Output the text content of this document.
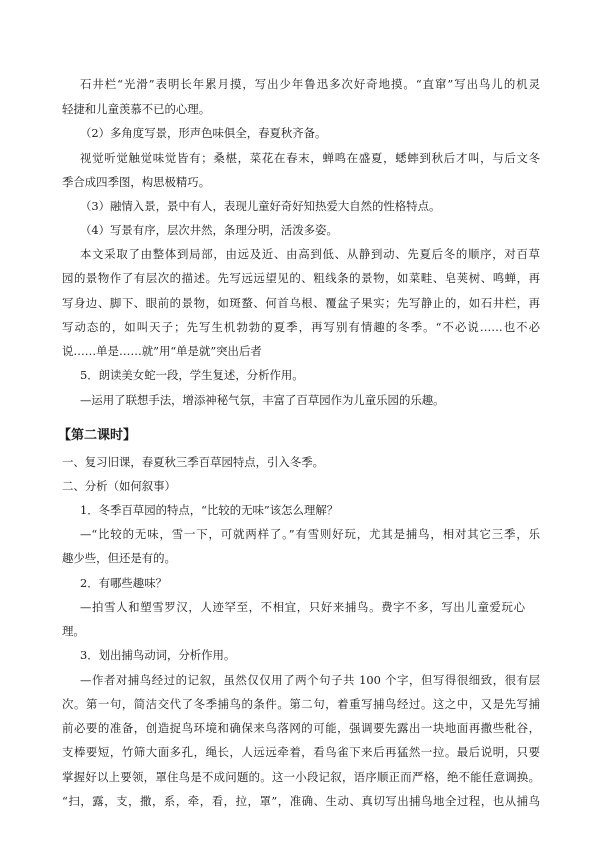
石井栏“光滑”表明长年累月摸，写出少年鲁迅多次好奇地摸。“直窜”写出鸟儿的机灵
轻捷和儿童羡慕不已的心理。
（2）多角度写景，形声色味俱全，春夏秋齐备。
视觉听觉触觉味觉皆有；桑椹，菜花在春末，蝉鸣在盛夏，蟋蟀到秋后才叫，与后文冬
季合成四季图，构思极精巧。
（3）融情入景，景中有人，表现儿童好奇好知热爱大自然的性格特点。
（4）写景有序，层次井然，条理分明，活泼多姿。
本文采取了由整体到局部，由远及近、由高到低、从静到动、先夏后冬的顺序，对百草
园的景物作了有层次的描述。先写远远望见的、粗线条的景物，如菜畦、皂荚树、鸣蝉，再
写身边、脚下、眼前的景物，如斑蝥、何首乌根、覆盆子果实；先写静止的，如石井栏，再
写动态的，如叫天子；先写生机勃勃的夏季，再写别有情趣的冬季。“不必说……也不必
说……单是……就”用“单是就”突出后者
5．朗读美女蛇一段，学生复述，分析作用。
—运用了联想手法，增添神秘气氛，丰富了百草园作为儿童乐园的乐趣。
【第二课时】
一、复习旧课，春夏秋三季百草园特点，引入冬季。
二、分析（如何叙事）
1．冬季百草园的特点，“比较的无味”该怎么理解？
—“比较的无味，雪一下，可就两样了。”有雪则好玩，尤其是捕鸟，相对其它三季，乐
趣少些，但还是有的。
2．有哪些趣味？
—拍雪人和塑雪罗汉，人迹罕至，不相宜，只好来捕鸟。费字不多，写出儿童爱玩心
理。
3．划出捕鸟动词，分析作用。
—作者对捕鸟经过的记叙，虽然仅仅用了两个句子共 100 个字，但写得很细致，很有层
次。第一句，简洁交代了冬季捕鸟的条件。第二句，着重写捕鸟经过。这之中，又是先写捕
前必要的准备，创造捉鸟环境和确保来鸟落网的可能，强调要先露出一块地面再撒些秕谷，
支棒要短，竹筛大面多孔，绳长，人远远牵着，看鸟雀下来后再猛然一拉。最后说明，只要
掌握好以上要领，罩住鸟是不成问题的。这一小段记叙，语序顺正而严格，绝不能任意调换。
“扫，露，支，撒，系，牵，看，拉，罩”，准确、生动、真切写出捕鸟地全过程，也从捕鸟
